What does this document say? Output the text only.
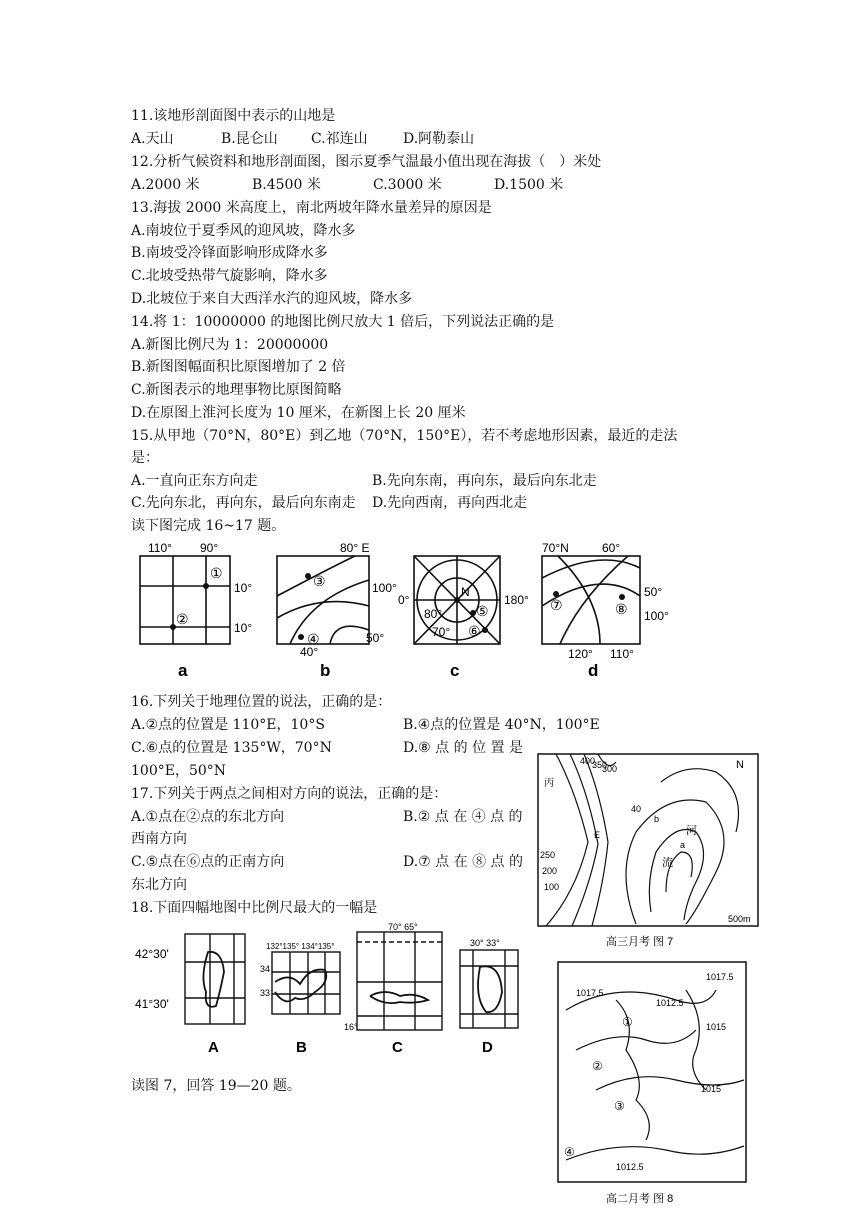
11.该地形剖面图中表示的山地是
A.天山	B.昆仑山 C.祁连山	D.阿勒泰山
12.分析气候资料和地形剖面图，图示夏季气温最小值出现在海拔（　）米处
A.2000 米	B.4500 米	C.3000 米	D.1500 米
13.海拔 2000 米高度上，南北两坡年降水量差异的原因是
A.南坡位于夏季风的迎风坡，降水多
B.南坡受冷锋面影响形成降水多
C.北坡受热带气旋影响，降水多
D.北坡位于来自大西洋水汽的迎风坡，降水多
14.将 1：10000000 的地图比例尺放大 1 倍后，下列说法正确的是
A.新图比例尺为 1：20000000
B.新图图幅面积比原图增加了 2 倍
C.新图表示的地理事物比原图简略
D.在原图上淮河长度为 10 厘米，在新图上长 20 厘米
15.从甲地（70°N，80°E）到乙地（70°N，150°E），若不考虑地形因素，最近的走法
是：
A.一直向正东方向走	B.先向东南，再向东，最后向东北走
C.先向东北，再向东，最后向东南走 D.先向西南，再向西北走
读下图完成 16~17 题。
110° 90°
10°
10°
①
②
a
80° E
100°
50°
40°
③
④
b
0°	180°
N
80°
70°
⑤
⑥
c
70°N	60°
50°
100°
120° 110°
⑦	⑧
d
16.下列关于地理位置的说法，正确的是：
A.②点的位置是 110°E，10°S	B.④点的位置是 40°N，100°E
C.⑥点的位置是 135°W，70°N	D.⑧ 点 的 位 置 是
100°E，50°N
17.下列关于两点之间相对方向的说法，正确的是：
A.①点在②点的东北方向	B.② 点 在 ④ 点 的
西南方向
C.⑤点在⑥点的正南方向	D.⑦ 点 在 ⑧ 点 的
东北方向
18.下面四幅地图中比例尺最大的一幅是
42°30'
41°30'
132°135° 134°135°
34
33
70° 65°
16°
30° 33°
A	B	C	D
读图 7，回答 19—20 题。
N
500m
河
流
250
200
100
400
350
300
40
a
b
E
丙
高三月考 图 7
1017.5
1012.5
1015
1012.5
1017.5
1015
①
②
③
④
高二月考 图 8
